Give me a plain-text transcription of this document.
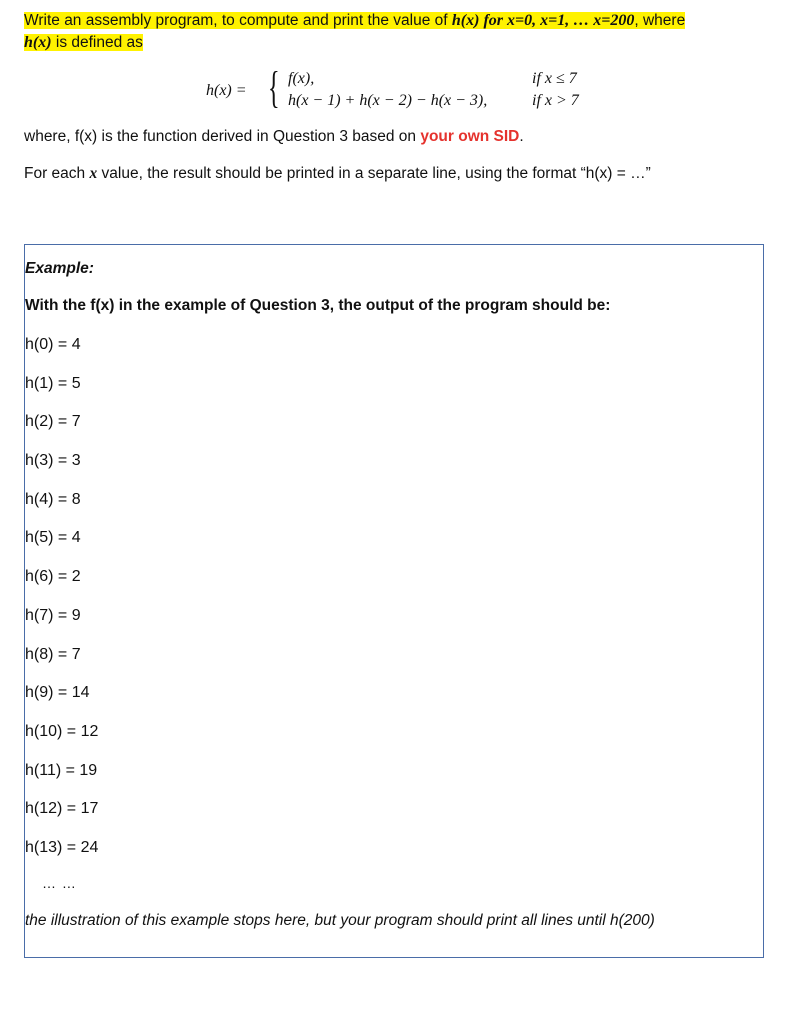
Write an assembly program, to compute and print the value of h(x) for x=0, x=1, … x=200, where
h(x) is defined as
h(x) = { f(x),	if x ≤ 7
h(x − 1) + h(x − 2) − h(x − 3),	if x > 7
where, f(x) is the function derived in Question 3 based on your own SID.
For each x value, the result should be printed in a separate line, using the format “h(x) = …”
Example:
With the f(x) in the example of Question 3, the output of the program should be:
h(0) = 4
h(1) = 5
h(2) = 7
h(3) = 3
h(4) = 8
h(5) = 4
h(6) = 2
h(7) = 9
h(8) = 7
h(9) = 14
h(10) = 12
h(11) = 19
h(12) = 17
h(13) = 24
… …
the illustration of this example stops here, but your program should print all lines until h(200)
